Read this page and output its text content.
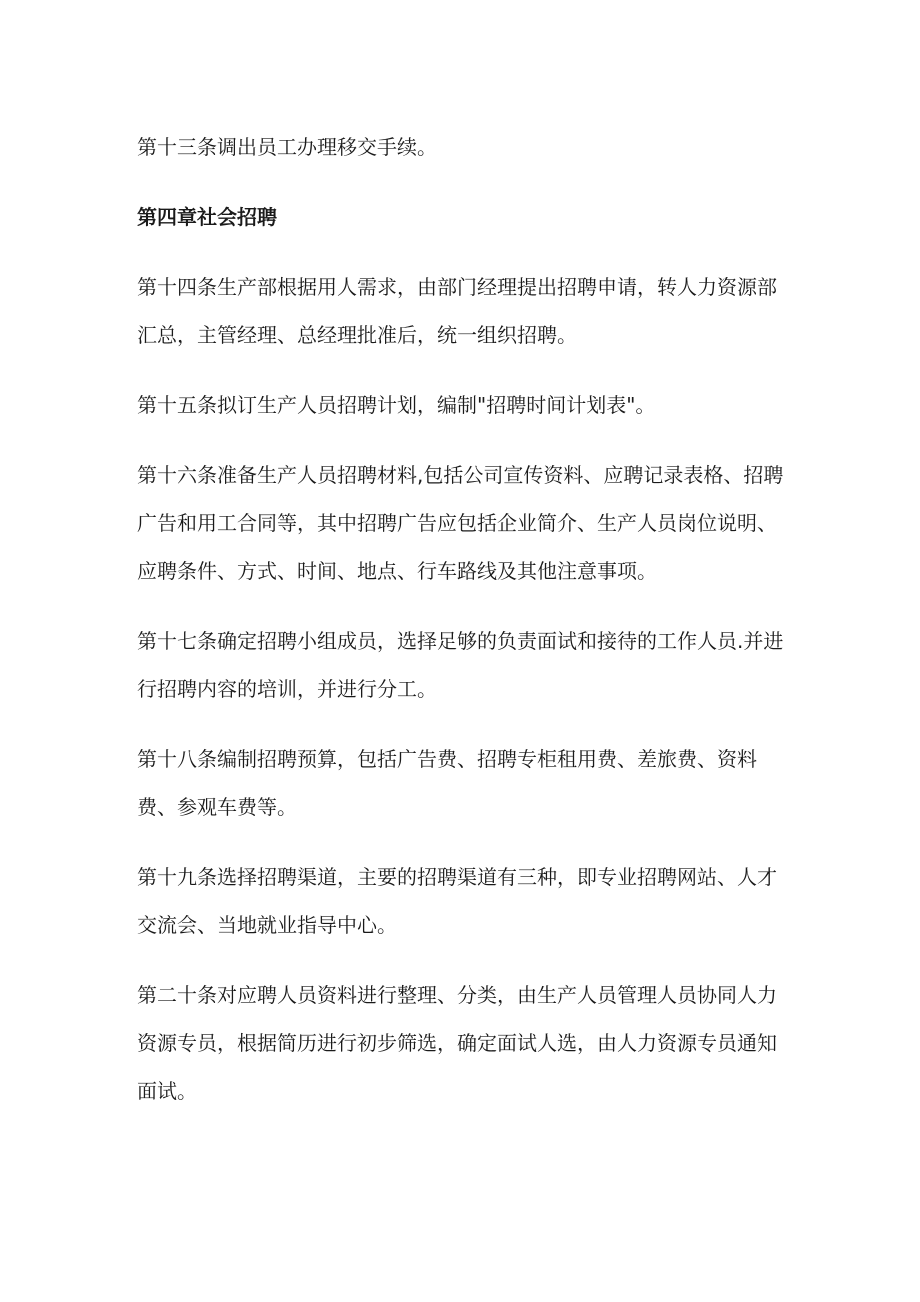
第十三条调出员工办理移交手续。
第四章社会招聘
第十四条生产部根据用人需求，由部门经理提出招聘申请，转人力资源部
汇总，主管经理、总经理批准后，统一组织招聘。
第十五条拟订生产人员招聘计划，编制"招聘时间计划表"。
第十六条准备生产人员招聘材料,包括公司宣传资料、应聘记录表格、招聘
广告和用工合同等，其中招聘广告应包括企业简介、生产人员岗位说明、
应聘条件、方式、时间、地点、行车路线及其他注意事项。
第十七条确定招聘小组成员，选择足够的负责面试和接待的工作人员.并进
行招聘内容的培训，并进行分工。
第十八条编制招聘预算，包括广告费、招聘专柜租用费、差旅费、资料
费、参观车费等。
第十九条选择招聘渠道，主要的招聘渠道有三种，即专业招聘网站、人才
交流会、当地就业指导中心。
第二十条对应聘人员资料进行整理、分类，由生产人员管理人员协同人力
资源专员，根据简历进行初步筛选，确定面试人选，由人力资源专员通知
面试。
